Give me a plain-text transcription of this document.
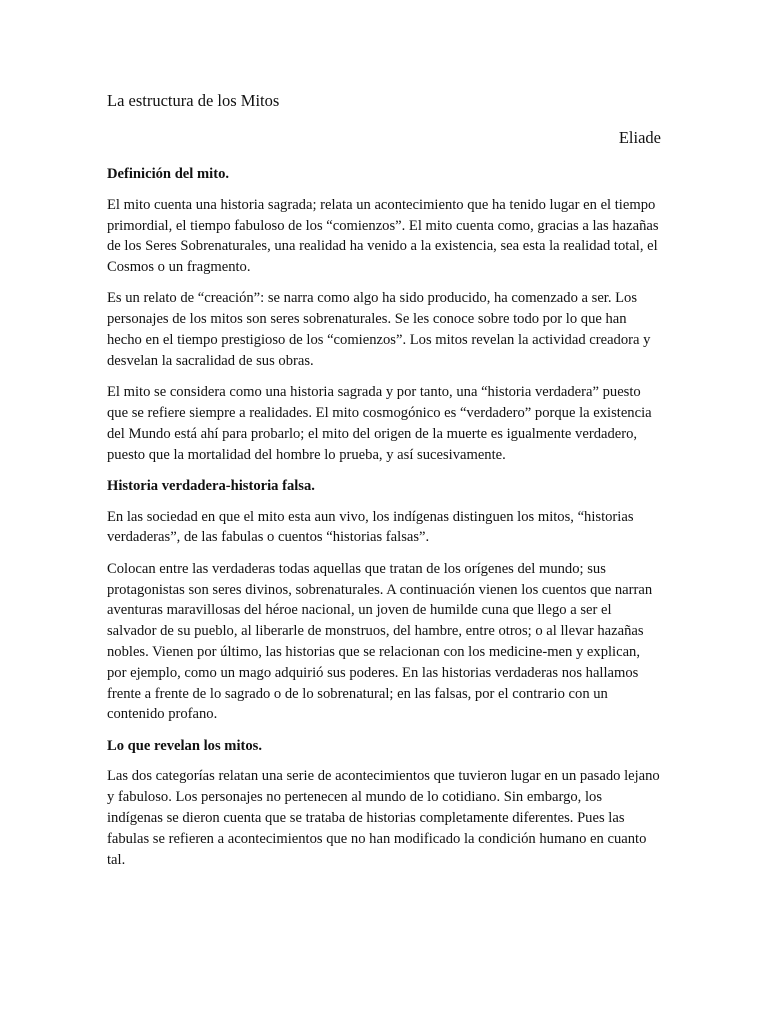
La estructura de los Mitos
Eliade
Definición del mito.

El mito cuenta una historia sagrada; relata un acontecimiento que ha tenido lugar en el tiempo primordial, el tiempo fabuloso de los “comienzos”. El mito cuenta como, gracias a las hazañas de los Seres Sobrenaturales, una realidad ha venido a la existencia, sea esta la realidad total, el Cosmos o un fragmento.

Es un relato de “creación”: se narra como algo ha sido producido, ha comenzado a ser. Los personajes de los mitos son seres sobrenaturales. Se les conoce sobre todo por lo que han hecho en el tiempo prestigioso de los “comienzos”. Los mitos revelan la actividad creadora y desvelan la sacralidad de sus obras.

El mito se considera como una historia sagrada y por tanto, una “historia verdadera” puesto que se refiere siempre a realidades. El mito cosmogónico es “verdadero” porque la existencia del Mundo está ahí para probarlo; el mito del origen de la muerte es igualmente verdadero, puesto que la mortalidad del hombre lo prueba, y así sucesivamente.

Historia verdadera-historia falsa.

En las sociedad en que el mito esta aun vivo, los indígenas distinguen los mitos, “historias verdaderas”, de las fabulas o cuentos “historias falsas”.

Colocan entre las verdaderas todas aquellas que tratan de los orígenes del mundo; sus protagonistas son seres divinos, sobrenaturales. A continuación vienen los cuentos que narran aventuras maravillosas del héroe nacional, un joven de humilde cuna que llego a ser el salvador de su pueblo, al liberarle de monstruos, del hambre, entre otros; o al llevar hazañas nobles. Vienen por último, las historias que se relacionan con los medicine-men y explican, por ejemplo, como un mago adquirió sus poderes. En las historias verdaderas nos hallamos frente a frente de lo sagrado o de lo sobrenatural; en las falsas, por el contrario con un contenido profano.

Lo que revelan los mitos.

Las dos categorías relatan una serie de acontecimientos que tuvieron lugar en un pasado lejano y fabuloso. Los personajes no pertenecen al mundo de lo cotidiano. Sin embargo, los indígenas se dieron cuenta que se trataba de historias completamente diferentes. Pues las fabulas se refieren a acontecimientos que no han modificado la condición humano en cuanto tal.
